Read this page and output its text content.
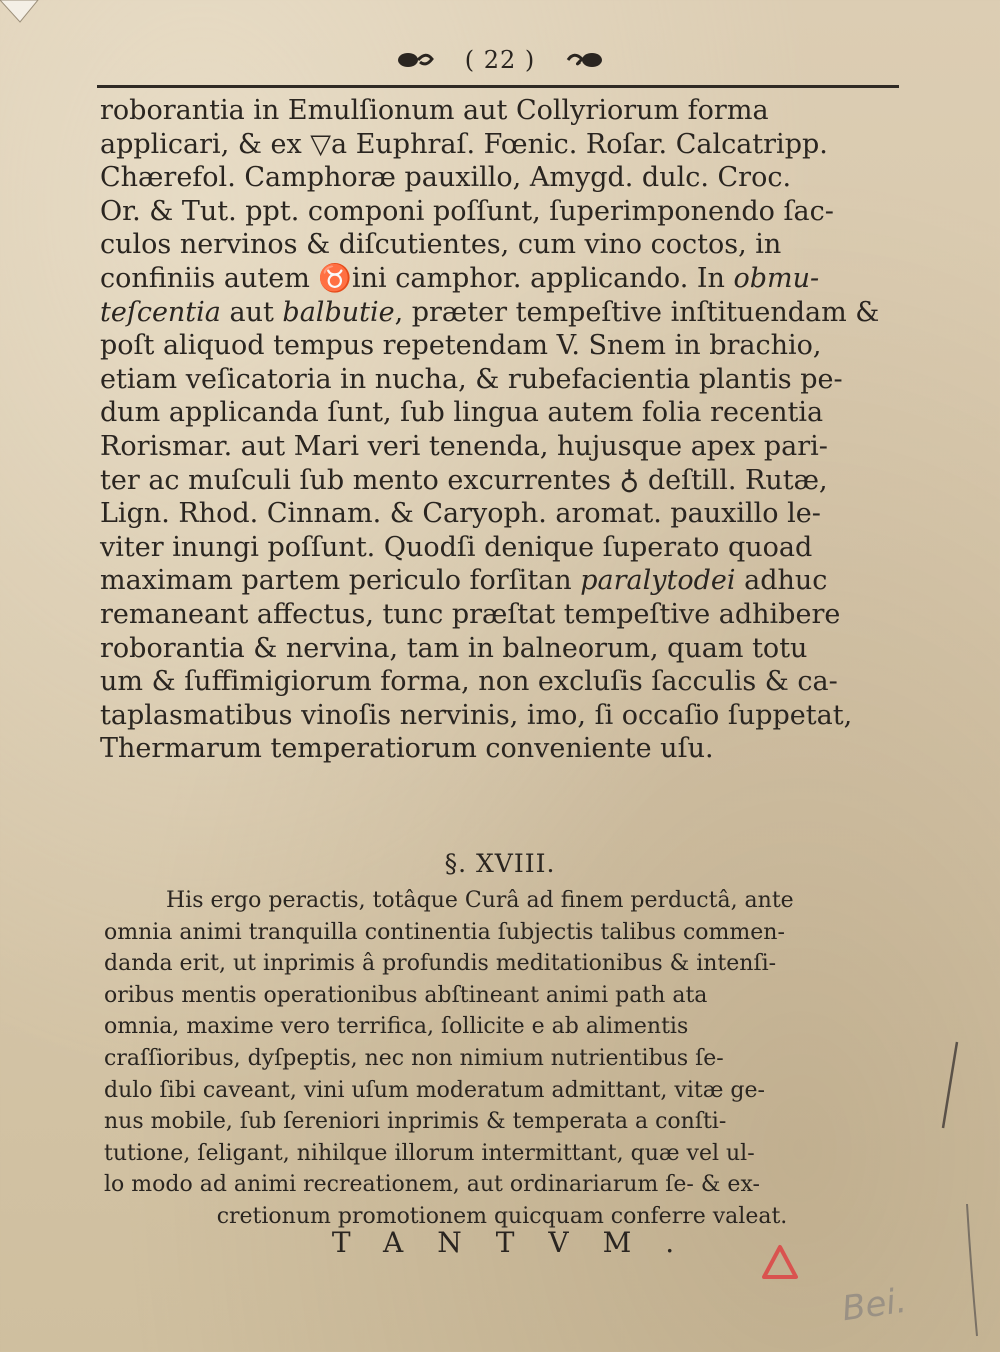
( 22 )
roborantia in Emulſionum aut Collyriorum forma
applicari, & ex ▽a Euphraſ. Fœnic. Roſar. Calcatripp.
Chærefol. Camphoræ pauxillo, Amygd. dulc. Croc.
Or. & Tut. ppt. componi poſſunt, ſuperimponendo ſac-
culos nervinos & diſcutientes, cum vino coctos, in
confiniis autem ♉ini camphor. applicando. In obmu-
teſcentia aut balbutie, præter tempeſtive inſtituendam &
poſt aliquod tempus repetendam V. Snem in brachio,
etiam veſicatoria in nucha, & rubefacientia plantis pe-
dum applicanda ſunt, ſub lingua autem folia recentia
Rorismar. aut Mari veri tenenda, hujusque apex pari-
ter ac muſculi ſub mento excurrentes ♁ deſtill. Rutæ,
Lign. Rhod. Cinnam. & Caryoph. aromat. pauxillo le-
viter inungi poſſunt. Quodſi denique ſuperato quoad
maximam partem periculo forſitan paralytodei adhuc
remaneant affectus, tunc præſtat tempeſtive adhibere
roborantia & nervina, tam in balneorum, quam totu
um & ſuffimigiorum forma, non excluſis ſacculis & ca-
taplasmatibus vinoſis nervinis, imo, ſi occaſio ſuppetat,
Thermarum temperatiorum conveniente uſu.
§. XVIII.
His ergo peractis, totâque Curâ ad finem perductâ, ante
omnia animi tranquilla continentia ſubjectis talibus commen-
danda erit, ut inprimis â profundis meditationibus & intenſi-
oribus mentis operationibus abſtineant animi path ata
omnia, maxime vero terrifica, ſollicite e ab alimentis
craſſioribus, dyſpeptis, nec non nimium nutrientibus ſe-
dulo ſibi caveant, vini uſum moderatum admittant, vitæ ge-
nus mobile, ſub ſereniori inprimis & temperata a conſti-
tutione, ſeligant, nihilque illorum intermittant, quæ vel ul-
lo modo ad animi recreationem, aut ordinariarum ſe- & ex-
cretionum promotionem quicquam conferre valeat.
TANTVM.
Bei.
